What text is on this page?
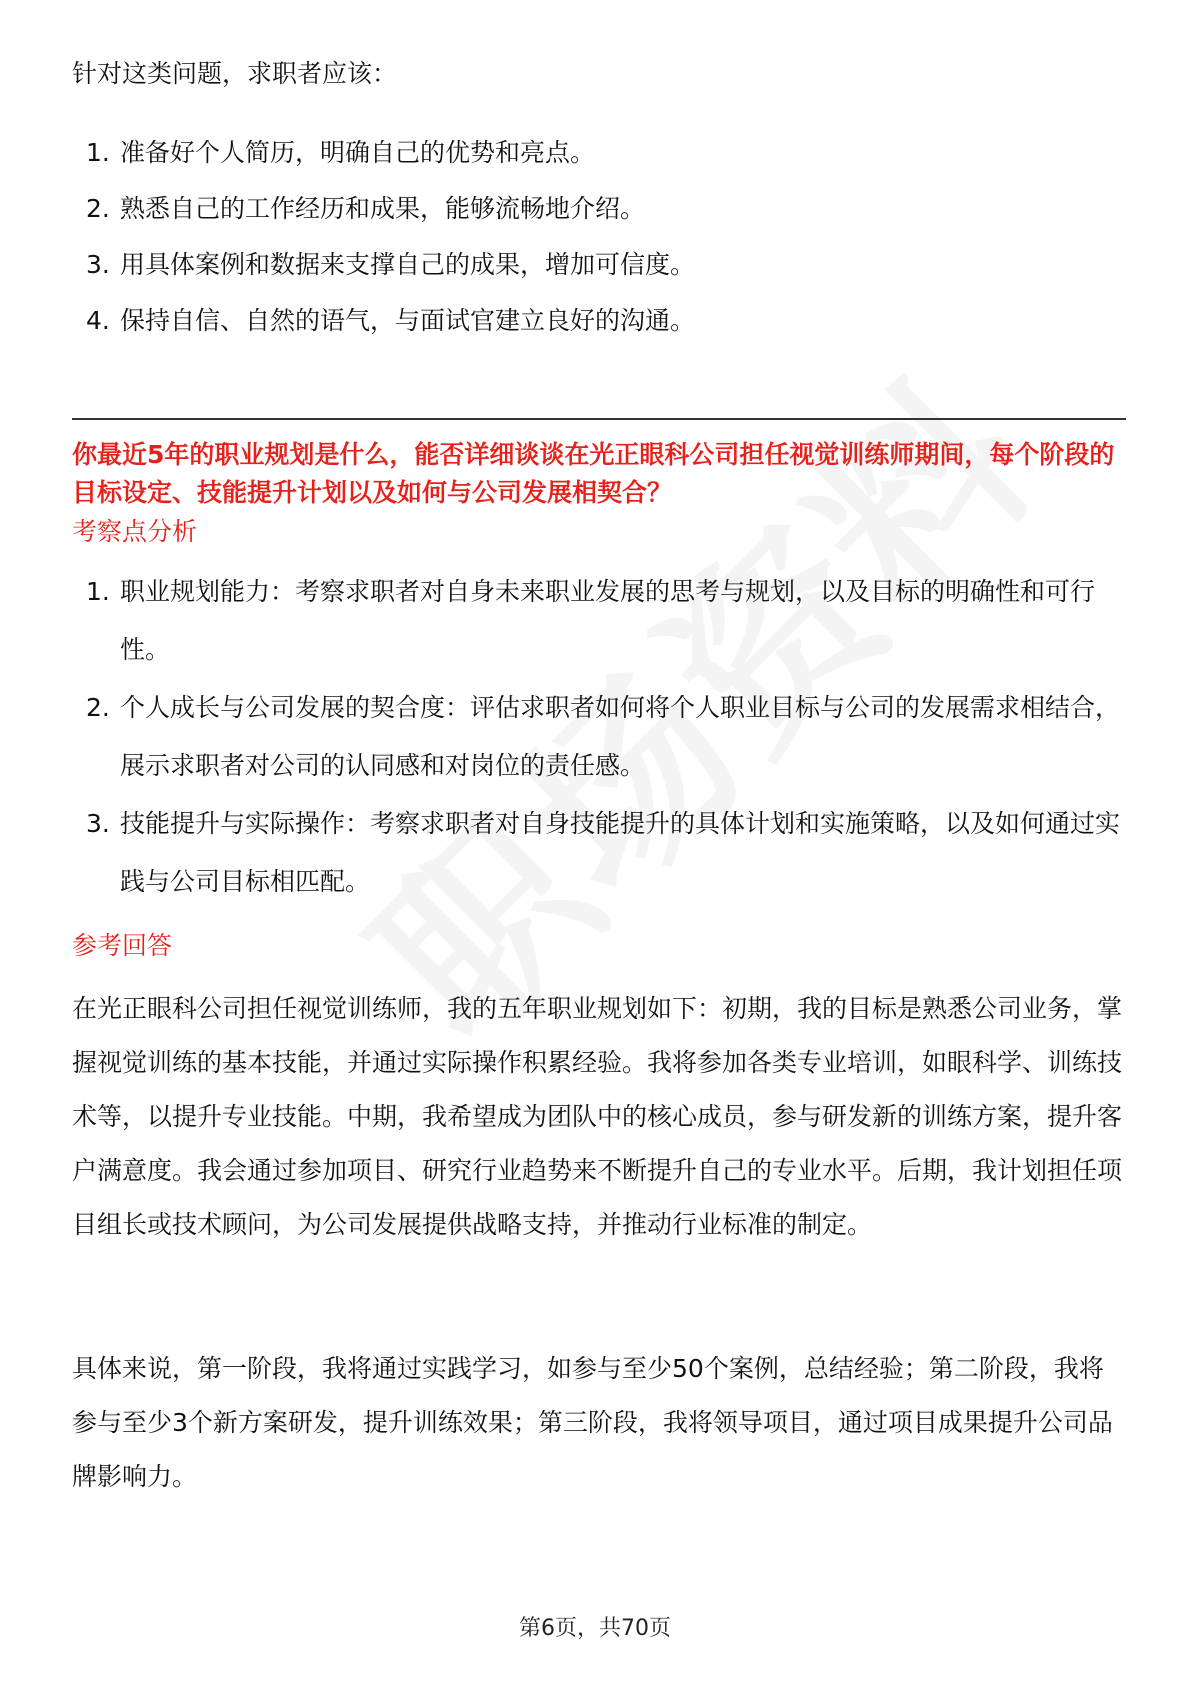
针对这类问题，求职者应该：

1. 准备好个人简历，明确自己的优势和亮点。
2. 熟悉自己的工作经历和成果，能够流畅地介绍。
3. 用具体案例和数据来支撑自己的成果，增加可信度。
4. 保持自信、自然的语气，与面试官建立良好的沟通。

你最近5年的职业规划是什么，能否详细谈谈在光正眼科公司担任视觉训练师期间，每个阶段的目标设定、技能提升计划以及如何与公司发展相契合？

考察点分析

1. 职业规划能力：考察求职者对自身未来职业发展的思考与规划，以及目标的明确性和可行性。
2. 个人成长与公司发展的契合度：评估求职者如何将个人职业目标与公司的发展需求相结合，展示求职者对公司的认同感和对岗位的责任感。
3. 技能提升与实际操作：考察求职者对自身技能提升的具体计划和实施策略，以及如何通过实践与公司目标相匹配。

参考回答

在光正眼科公司担任视觉训练师，我的五年职业规划如下：初期，我的目标是熟悉公司业务，掌握视觉训练的基本技能，并通过实际操作积累经验。我将参加各类专业培训，如眼科学、训练技术等，以提升专业技能。中期，我希望成为团队中的核心成员，参与研发新的训练方案，提升客户满意度。我会通过参加项目、研究行业趋势来不断提升自己的专业水平。后期，我计划担任项目组长或技术顾问，为公司发展提供战略支持，并推动行业标准的制定。

具体来说，第一阶段，我将通过实践学习，如参与至少50个案例，总结经验；第二阶段，我将参与至少3个新方案研发，提升训练效果；第三阶段，我将领导项目，通过项目成果提升公司品牌影响力。

第6页，共70页
